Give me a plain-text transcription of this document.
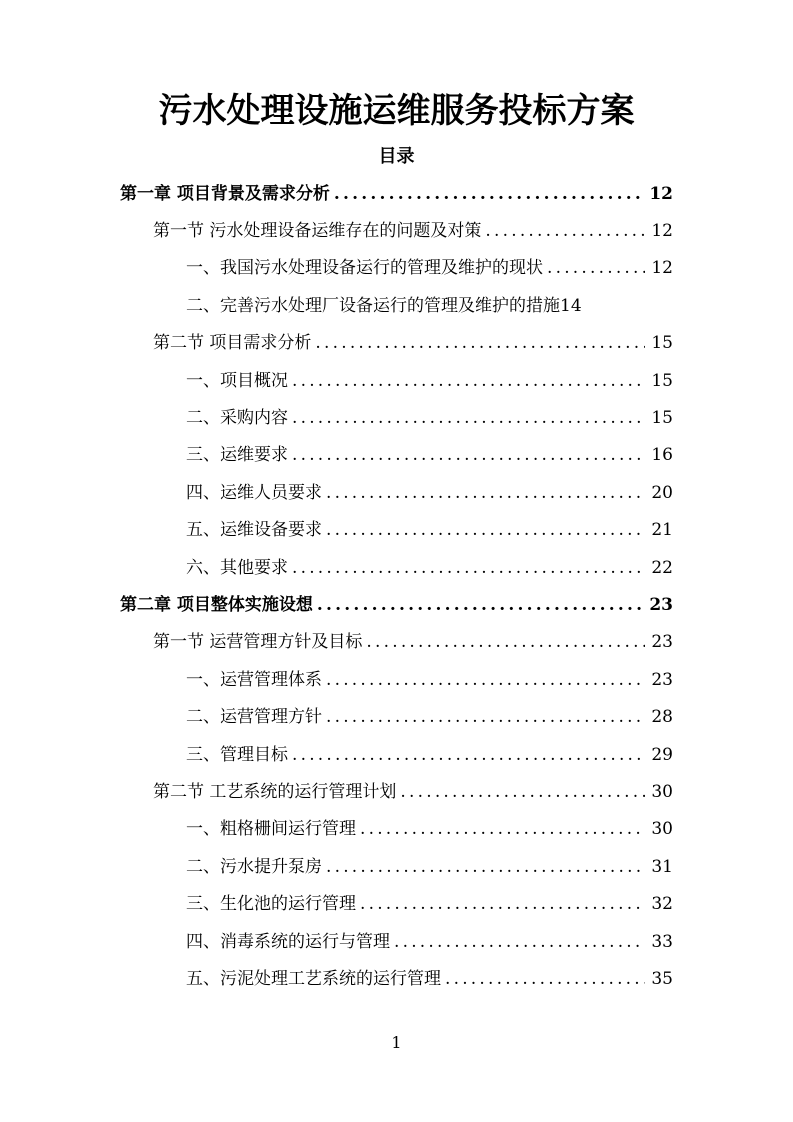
污水处理设施运维服务投标方案
目录
第一章 项目背景及需求分析 .....	12
第一节 污水处理设备运维存在的问题及对策 .....	12
一、我国污水处理设备运行的管理及维护的现状 .....	12
二、完善污水处理厂设备运行的管理及维护的措施 14
第二节 项目需求分析 .....	15
一、项目概况 .....	15
二、采购内容 .....	15
三、运维要求 .....	16
四、运维人员要求 .....	20
五、运维设备要求 .....	21
六、其他要求 .....	22
第二章 项目整体实施设想 .....	23
第一节 运营管理方针及目标 .....	23
一、运营管理体系 .....	23
二、运营管理方针 .....	28
三、管理目标 .....	29
第二节 工艺系统的运行管理计划 .....	30
一、粗格栅间运行管理 .....	30
二、污水提升泵房 .....	31
三、生化池的运行管理 .....	32
四、消毒系统的运行与管理 .....	33
五、污泥处理工艺系统的运行管理 .....	35
1
